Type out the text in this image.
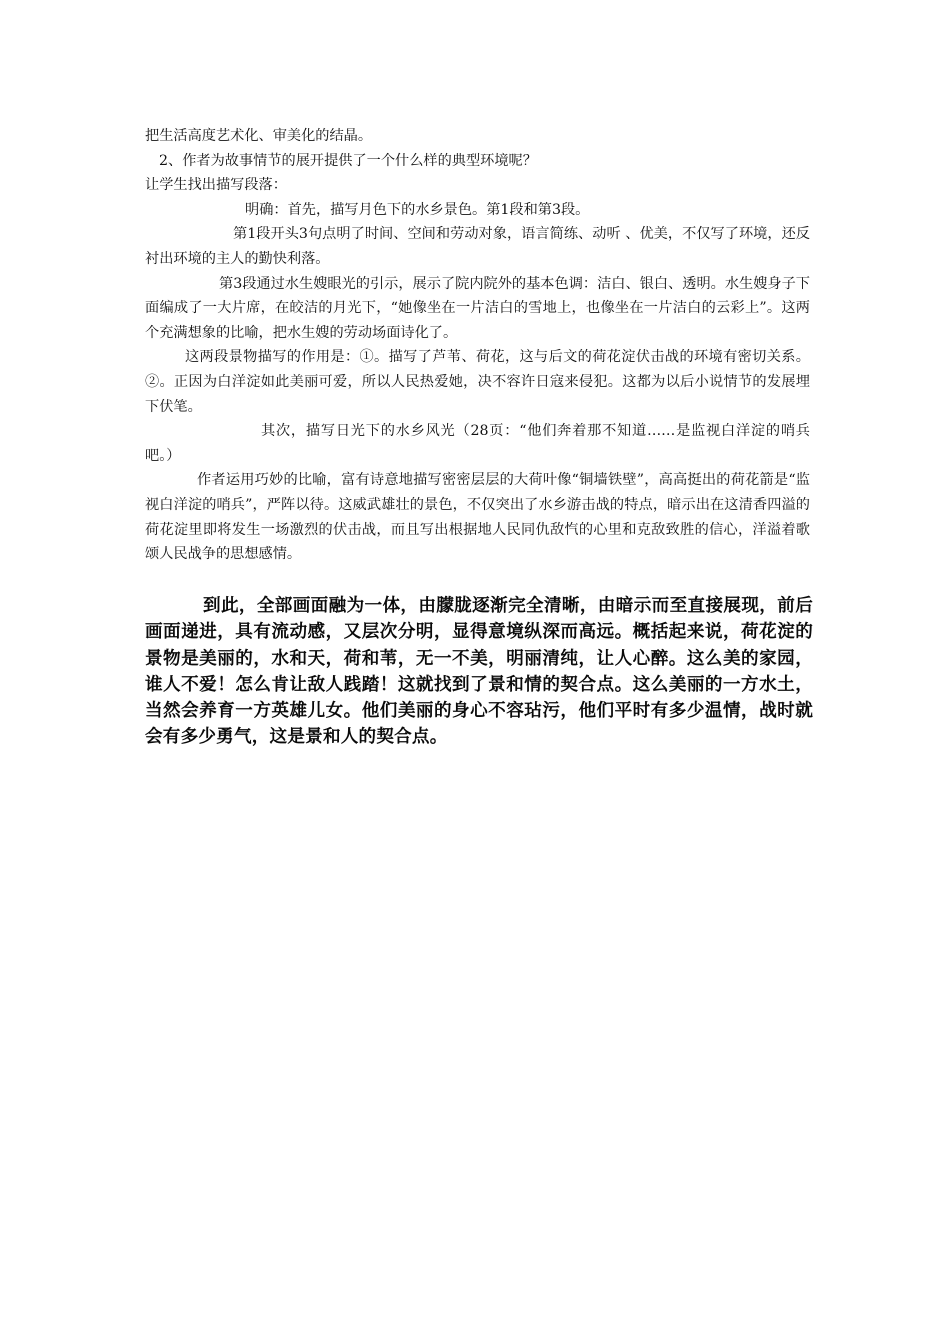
把生活高度艺术化、审美化的结晶。

2、作者为故事情节的展开提供了一个什么样的典型环境呢？

让学生找出描写段落：

明确：首先，描写月色下的水乡景色。第1段和第3段。

第1段开头3句点明了时间、空间和劳动对象，语言简练、动听 、优美，不仅写了环境，还反衬出环境的主人的勤快利落。

第3段通过水生嫂眼光的引示，展示了院内院外的基本色调：洁白、银白、透明。水生嫂身子下面编成了一大片席，在皎洁的月光下，“她像坐在一片洁白的雪地上，也像坐在一片洁白的云彩上”。这两个充满想象的比喻，把水生嫂的劳动场面诗化了。

这两段景物描写的作用是：①。描写了芦苇、荷花，这与后文的荷花淀伏击战的环境有密切关系。②。正因为白洋淀如此美丽可爱，所以人民热爱她，决不容许日寇来侵犯。这都为以后小说情节的发展埋下伏笔。

其次，描写日光下的水乡风光（28页：“他们奔着那不知道……是监视白洋淀的哨兵吧。）

作者运用巧妙的比喻，富有诗意地描写密密层层的大荷叶像“铜墙铁壁”，高高挺出的荷花箭是“监视白洋淀的哨兵”，严阵以待。这威武雄壮的景色，不仅突出了水乡游击战的特点，暗示出在这清香四溢的荷花淀里即将发生一场激烈的伏击战，而且写出根据地人民同仇敌忾的心里和克敌致胜的信心，洋溢着歌颂人民战争的思想感情。

到此，全部画面融为一体，由朦胧逐渐完全清晰，由暗示而至直接展现，前后画面递进，具有流动感，又层次分明，显得意境纵深而高远。概括起来说，荷花淀的景物是美丽的，水和天，荷和苇，无一不美，明丽清纯，让人心醉。这么美的家园，谁人不爱！怎么肯让敌人践踏！这就找到了景和情的契合点。这么美丽的一方水土，当然会养育一方英雄儿女。他们美丽的身心不容玷污，他们平时有多少温情，战时就会有多少勇气，这是景和人的契合点。
